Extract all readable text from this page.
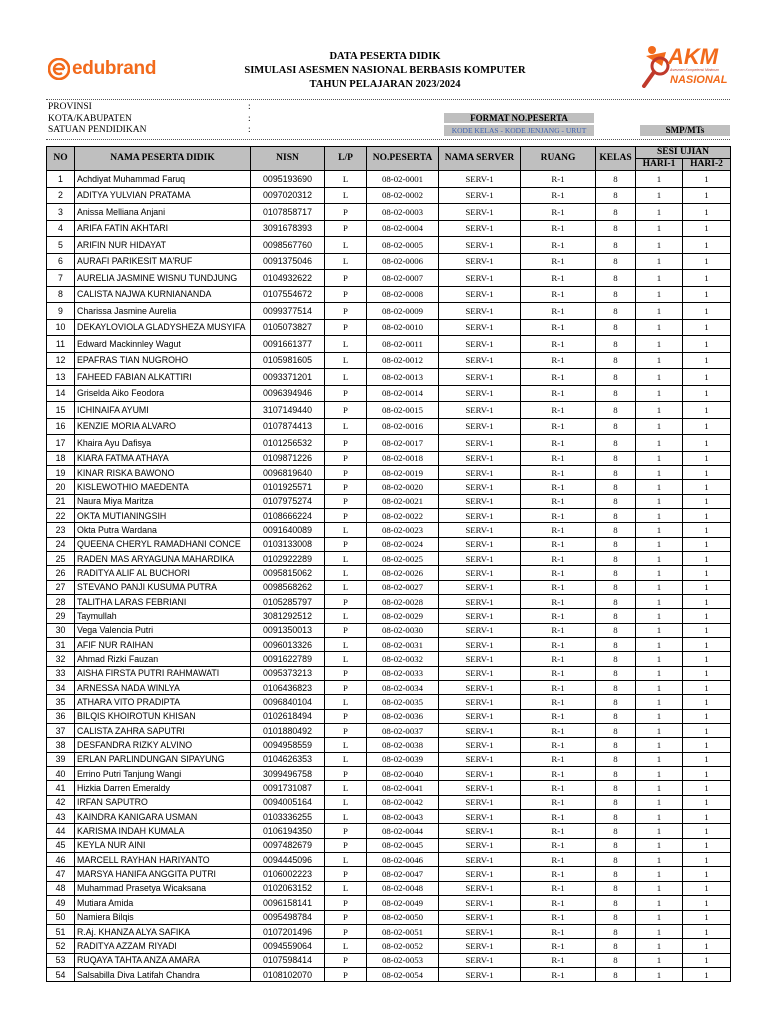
edubrand
DATA PESERTA DIDIK
SIMULASI ASESMEN NASIONAL BERBASIS KOMPUTER
TAHUN PELAJARAN 2023/2024
AKM
Asesmen Kompetensi Minimum
NASIONAL
PROVINSI	:
KOTA/KABUPATEN	:
SATUAN PENDIDIKAN	:
FORMAT NO.PESERTA
KODE KELAS - KODE JENJANG - URUT	SMP/MTs
NO	NAMA PESERTA DIDIK	NISN	L/P	NO.PESERTA	NAMA SERVER	RUANG	KELAS	SESI UJIAN	
								HARI-1	HARI-2
1	Achdiyat Muhammad Faruq	0095193690	L	08-02-0001	SERV-1	R-1	8	1	1
2	ADITYA YULVIAN PRATAMA	0097020312	L	08-02-0002	SERV-1	R-1	8	1	1
3	Anissa Melliana Anjani	0107858717	P	08-02-0003	SERV-1	R-1	8	1	1
4	ARIFA FATIN AKHTARI	3091678393	P	08-02-0004	SERV-1	R-1	8	1	1
5	ARIFIN NUR HIDAYAT	0098567760	L	08-02-0005	SERV-1	R-1	8	1	1
6	AURAFI PARIKESIT MA'RUF	0091375046	L	08-02-0006	SERV-1	R-1	8	1	1
7	AURELIA JASMINE WISNU TUNDJUNG	0104932622	P	08-02-0007	SERV-1	R-1	8	1	1
8	CALISTA NAJWA KURNIANANDA	0107554672	P	08-02-0008	SERV-1	R-1	8	1	1
9	Charissa Jasmine Aurelia	0099377514	P	08-02-0009	SERV-1	R-1	8	1	1
10	DEKAYLOVIOLA GLADYSHEZA MUSYIFA	0105073827	P	08-02-0010	SERV-1	R-1	8	1	1
11	Edward Mackinnley Wagut	0091661377	L	08-02-0011	SERV-1	R-1	8	1	1
12	EPAFRAS TIAN NUGROHO	0105981605	L	08-02-0012	SERV-1	R-1	8	1	1
13	FAHEED FABIAN ALKATTIRI	0093371201	L	08-02-0013	SERV-1	R-1	8	1	1
14	Griselda Aiko Feodora	0096394946	P	08-02-0014	SERV-1	R-1	8	1	1
15	ICHINAIFA AYUMI	3107149440	P	08-02-0015	SERV-1	R-1	8	1	1
16	KENZIE MORIA ALVARO	0107874413	L	08-02-0016	SERV-1	R-1	8	1	1
17	Khaira Ayu Dafisya	0101256532	P	08-02-0017	SERV-1	R-1	8	1	1
18	KIARA FATMA ATHAYA	0109871226	P	08-02-0018	SERV-1	R-1	8	1	1
19	KINAR RISKA BAWONO	0096819640	P	08-02-0019	SERV-1	R-1	8	1	1
20	KISLEWOTHIO MAEDENTA	0101925571	P	08-02-0020	SERV-1	R-1	8	1	1
21	Naura Miya Maritza	0107975274	P	08-02-0021	SERV-1	R-1	8	1	1
22	OKTA MUTIANINGSIH	0108666224	P	08-02-0022	SERV-1	R-1	8	1	1
23	Okta Putra Wardana	0091640089	L	08-02-0023	SERV-1	R-1	8	1	1
24	QUEENA CHERYL RAMADHANI CONCE	0103133008	P	08-02-0024	SERV-1	R-1	8	1	1
25	RADEN MAS ARYAGUNA MAHARDIKA	0102922289	L	08-02-0025	SERV-1	R-1	8	1	1
26	RADITYA ALIF AL BUCHORI	0095815062	L	08-02-0026	SERV-1	R-1	8	1	1
27	STEVANO PANJI KUSUMA PUTRA	0098568262	L	08-02-0027	SERV-1	R-1	8	1	1
28	TALITHA LARAS FEBRIANI	0105285797	P	08-02-0028	SERV-1	R-1	8	1	1
29	Taymullah	3081292512	L	08-02-0029	SERV-1	R-1	8	1	1
30	Vega Valencia Putri	0091350013	P	08-02-0030	SERV-1	R-1	8	1	1
31	AFIF NUR RAIHAN	0096013326	L	08-02-0031	SERV-1	R-1	8	1	1
32	Ahmad Rizki Fauzan	0091622789	L	08-02-0032	SERV-1	R-1	8	1	1
33	AISHA FIRSTA PUTRI RAHMAWATI	0095373213	P	08-02-0033	SERV-1	R-1	8	1	1
34	ARNESSA NADA WINLYA	0106436823	P	08-02-0034	SERV-1	R-1	8	1	1
35	ATHARA VITO PRADIPTA	0096840104	L	08-02-0035	SERV-1	R-1	8	1	1
36	BILQIS KHOIROTUN KHISAN	0102618494	P	08-02-0036	SERV-1	R-1	8	1	1
37	CALISTA ZAHRA SAPUTRI	0101880492	P	08-02-0037	SERV-1	R-1	8	1	1
38	DESFANDRA RIZKY ALVINO	0094958559	L	08-02-0038	SERV-1	R-1	8	1	1
39	ERLAN PARLINDUNGAN SIPAYUNG	0104626353	L	08-02-0039	SERV-1	R-1	8	1	1
40	Errino Putri Tanjung Wangi	3099496758	P	08-02-0040	SERV-1	R-1	8	1	1
41	Hizkia Darren Emeraldy	0091731087	L	08-02-0041	SERV-1	R-1	8	1	1
42	IRFAN SAPUTRO	0094005164	L	08-02-0042	SERV-1	R-1	8	1	1
43	KAINDRA KANIGARA USMAN	0103336255	L	08-02-0043	SERV-1	R-1	8	1	1
44	KARISMA INDAH KUMALA	0106194350	P	08-02-0044	SERV-1	R-1	8	1	1
45	KEYLA NUR AINI	0097482679	P	08-02-0045	SERV-1	R-1	8	1	1
46	MARCELL RAYHAN HARIYANTO	0094445096	L	08-02-0046	SERV-1	R-1	8	1	1
47	MARSYA HANIFA ANGGITA PUTRI	0106002223	P	08-02-0047	SERV-1	R-1	8	1	1
48	Muhammad Prasetya Wicaksana	0102063152	L	08-02-0048	SERV-1	R-1	8	1	1
49	Mutiara Amida	0096158141	P	08-02-0049	SERV-1	R-1	8	1	1
50	Namiera Bilqis	0095498784	P	08-02-0050	SERV-1	R-1	8	1	1
51	R.Aj. KHANZA ALYA SAFIKA	0107201496	P	08-02-0051	SERV-1	R-1	8	1	1
52	RADITYA AZZAM RIYADI	0094559064	L	08-02-0052	SERV-1	R-1	8	1	1
53	RUQAYA TAHTA ANZA AMARA	0107598414	P	08-02-0053	SERV-1	R-1	8	1	1
54	Salsabilla Diva Latifah Chandra	0108102070	P	08-02-0054	SERV-1	R-1	8	1	1
